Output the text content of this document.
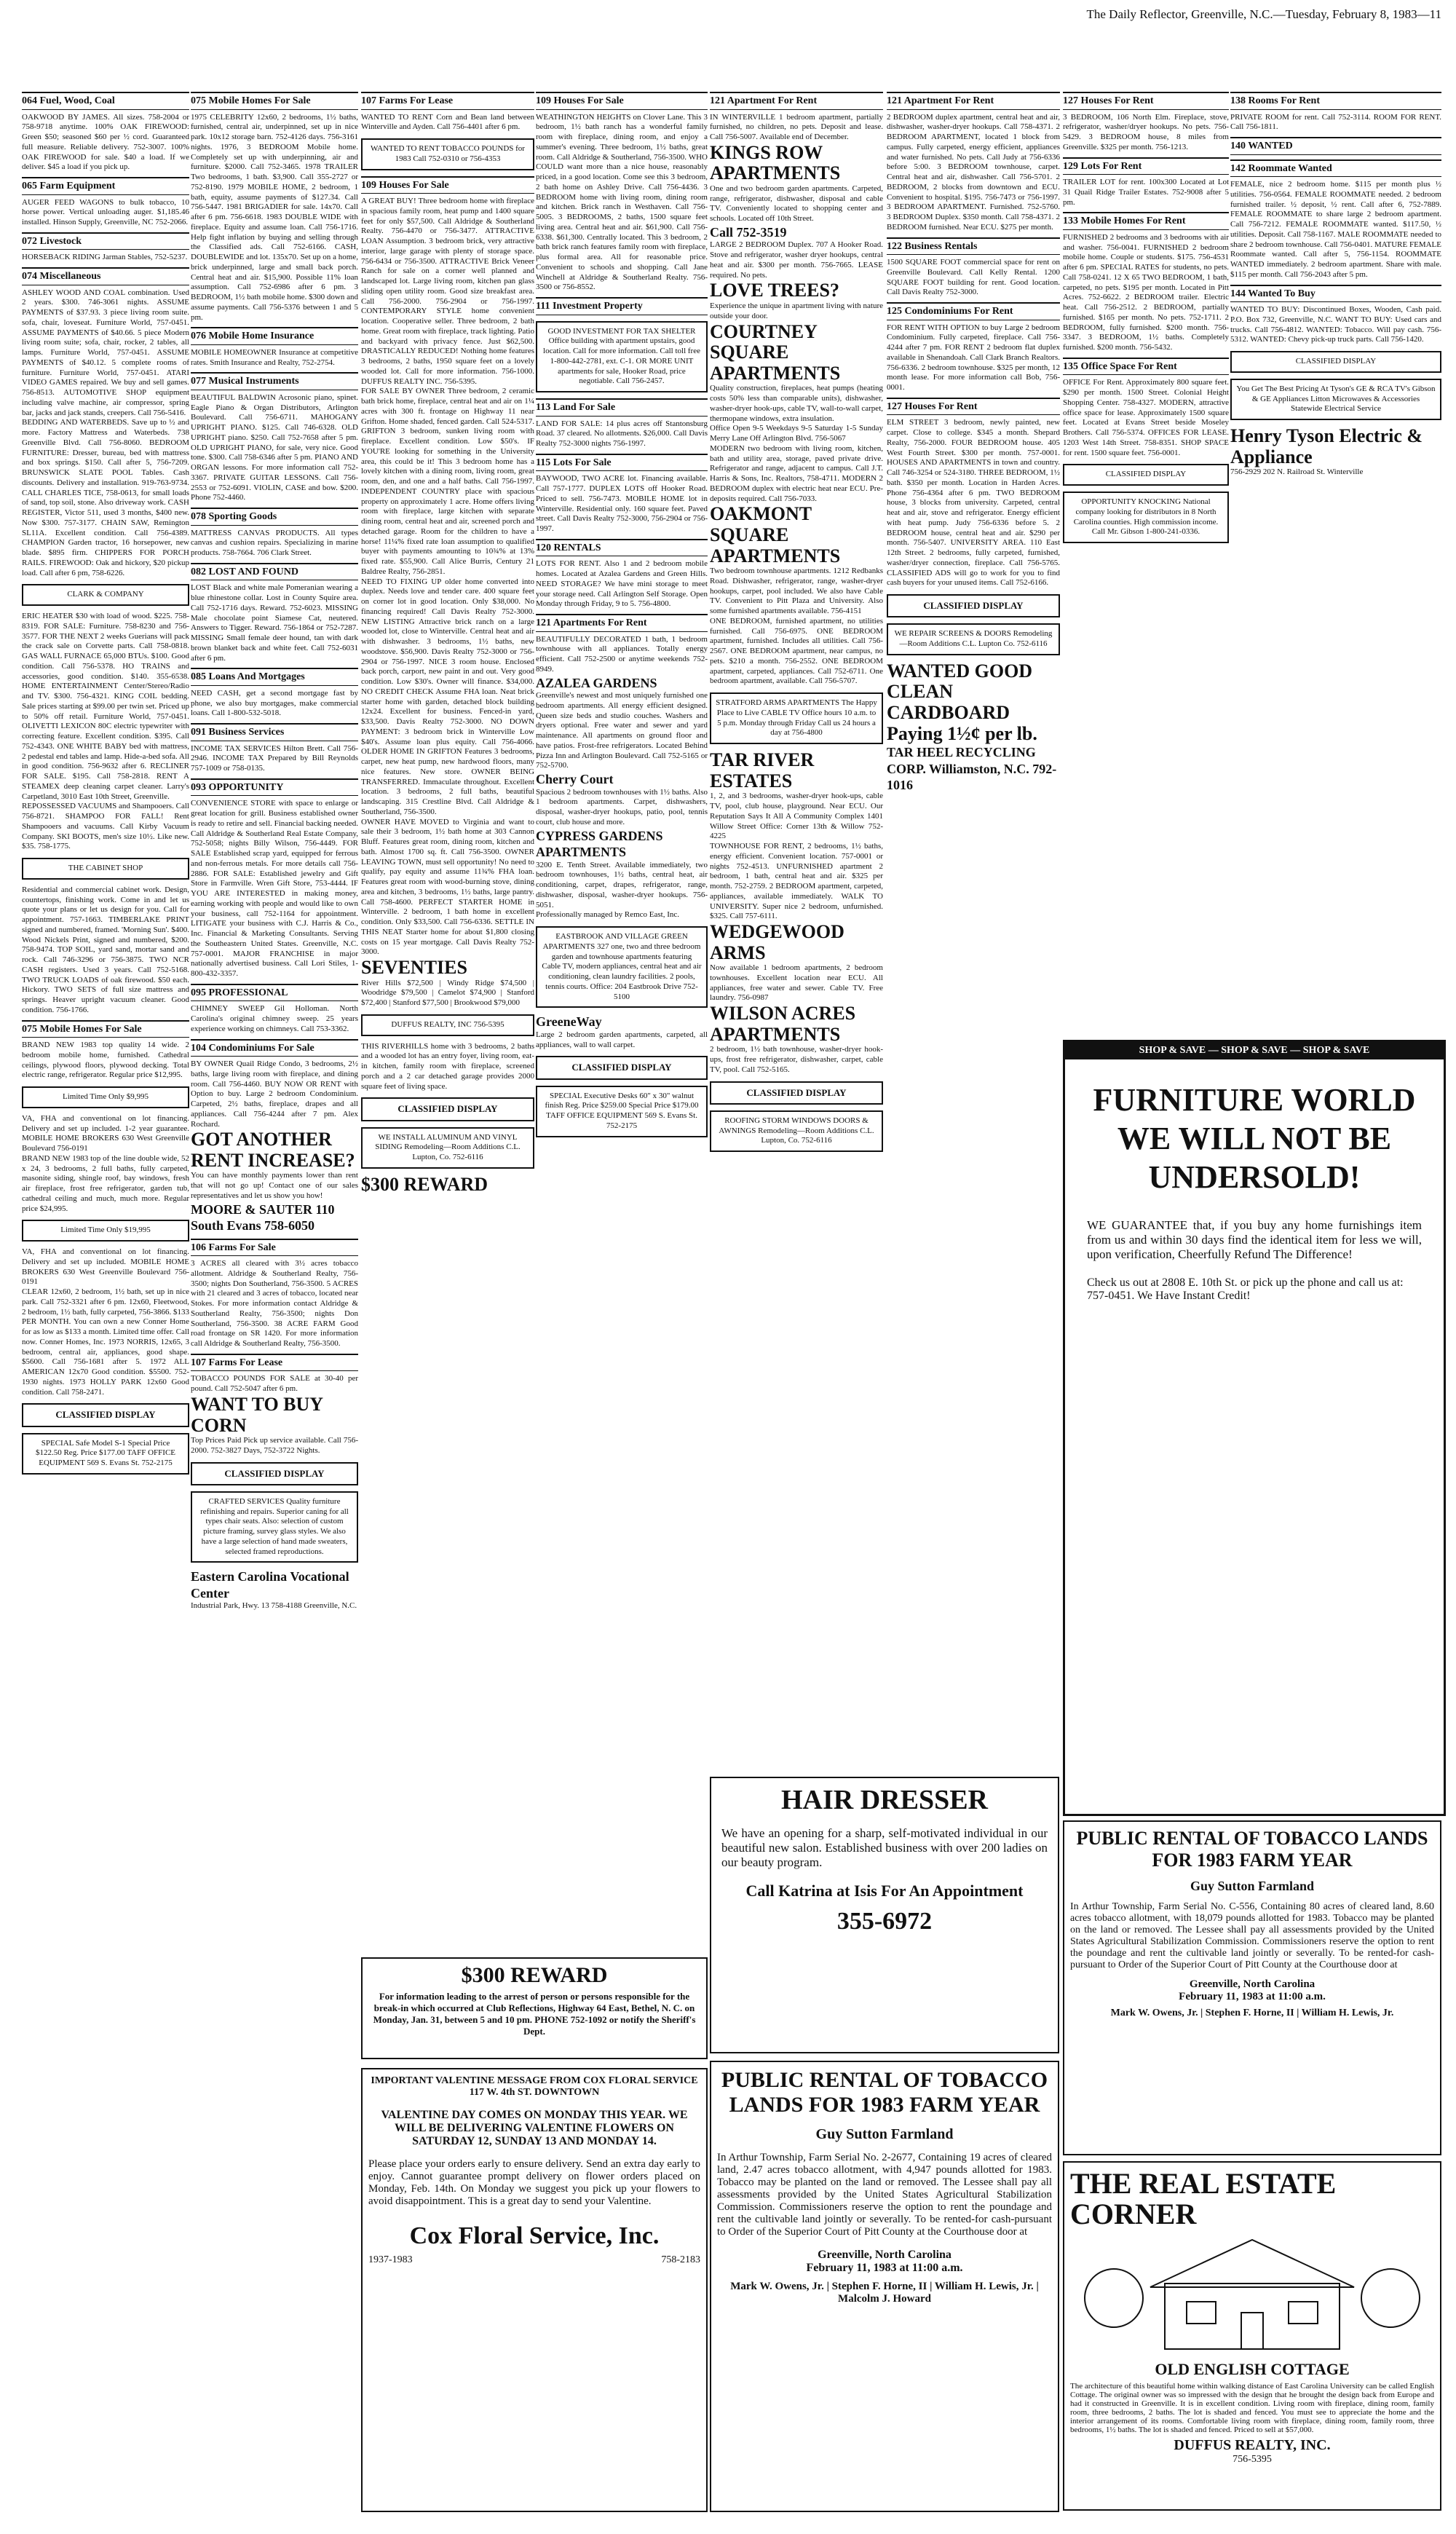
The Daily Reflector, Greenville, N.C.—Tuesday, February 8, 1983—11
064 Fuel, Wood, Coal
OAKWOOD BY JAMES. All sizes. 758-2004 or 758-9718 anytime. 100% OAK FIREWOOD: Green $50; seasoned $60 per ½ cord. Guaranteed full measure. Reliable delivery. 752-3007. 100% OAK FIREWOOD for sale. $40 a load. If we deliver. $45 a load if you pick up.
065 Farm Equipment
AUGER FEED WAGONS to bulk tobacco, 10 horse power. Vertical unloading auger. $1,185.46 installed. Hinson Supply, Greenville, NC 752-2066.
072 Livestock
HORSEBACK RIDING Jarman Stables, 752-5237.
074 Miscellaneous
ASHLEY WOOD AND COAL combination. Used 2 years. $300. 746-3061 nights. ASSUME PAYMENTS of $37.93. 3 piece living room suite. sofa, chair, loveseat. Furniture World, 757-0451. ASSUME PAYMENTS of $40.66. 5 piece Modern living room suite; sofa, chair, rocker, 2 tables, all lamps. Furniture World, 757-0451. ASSUME PAYMENTS of $40.12. 5 complete rooms of furniture. Furniture World, 757-0451. ATARI VIDEO GAMES repaired. We buy and sell games. 756-8513. AUTOMOTIVE SHOP equipment including valve machine, air compressor, spring bar, jacks and jack stands, creepers. Call 756-5416.
BEDDING AND WATERBEDS. Save up to ½ and more. Factory Mattress and Waterbeds. 738 Greenville Blvd. Call 756-8060. BEDROOM FURNITURE: Dresser, bureau, bed with mattress and box springs. $150. Call after 5, 756-7209. BRUNSWICK SLATE POOL Tables. Cash discounts. Delivery and installation. 919-763-9734. CALL CHARLES TICE, 758-0613, for small loads of sand, top soil, stone. Also driveway work. CASH REGISTER, Victor 511, used 3 months, $400 new. Now $300. 757-3177. CHAIN SAW, Remington SL11A. Excellent condition. Call 756-4389. CHAMPION Garden tractor, 16 horsepower, new blade. $895 firm. CHIPPERS FOR PORCH RAILS. FIREWOOD: Oak and hickory, $20 pickup load. Call after 6 pm, 758-6226.
CLARK & COMPANY
ERIC HEATER $30 with load of wood. $225. 758-8319. FOR SALE: Furniture. 758-8230 and 756-3577. FOR THE NEXT 2 weeks Guerians will pack the crack sale on Corvette parts. Call 758-0818. GAS WALL FURNACE 65,000 BTUs. $100. Good condition. Call 756-5378. HO TRAINS and accessories, good condition. $140. 355-6538. HOME ENTERTAINMENT Center/Stereo/Radio and TV. $300. 756-4321. KING COIL bedding. Sale prices starting at $99.00 per twin set. Priced up to 50% off retail. Furniture World, 757-0451. OLIVETTI LEXICON 80C electric typewriter with correcting feature. Excellent condition. $395. Call 752-4343. ONE WHITE BABY bed with mattress, 2 pedestal end tables and lamp. Hide-a-bed sofa. All in good condition. 756-9632 after 6. RECLINER FOR SALE. $195. Call 758-2818. RENT A STEAMEX deep cleaning carpet cleaner. Larry's Carpetland, 3010 East 10th Street, Greenville.
REPOSSESSED VACUUMS and Shampooers. Call 756-8721. SHAMPOO FOR FALL! Rent Shampooers and vacuums. Call Kirby Vacuum Company. SKI BOOTS, men's size 10½. Like new. $35. 758-1775.
THE CABINET SHOP
Residential and commercial cabinet work. Design, countertops, finishing work. Come in and let us quote your plans or let us design for you. Call for appointment. 757-1663. TIMBERLAKE PRINT signed and numbered, framed. 'Morning Sun'. $400. Wood Nickels Print, signed and numbered, $200. 758-9474. TOP SOIL, yard sand, mortar sand and rock. Call 746-3296 or 756-3875. TWO NCR CASH registers. Used 3 years. Call 752-5168. TWO TRUCK LOADS of oak firewood. $50 each. Hickory. TWO SETS of full size mattress and springs. Heaver upright vacuum cleaner. Good condition. 756-1766.
075 Mobile Homes For Sale
BRAND NEW 1983 top quality 14 wide. 2 bedroom mobile home, furnished. Cathedral ceilings, plywood floors, plywood decking. Total electric range, refrigerator. Regular price $12,995.
Limited Time Only $9,995
VA, FHA and conventional on lot financing. Delivery and set up included. 1-2 year guarantee. MOBILE HOME BROKERS 630 West Greenville Boulevard 756-0191
BRAND NEW 1983 top of the line double wide, 52 x 24, 3 bedrooms, 2 full baths, fully carpeted, masonite siding, shingle roof, bay windows, fresh air fireplace, frost free refrigerator, garden tub, cathedral ceiling and much, much more. Regular price $24,995.
Limited Time Only $19,995
VA, FHA and conventional on lot financing. Delivery and set up included. MOBILE HOME BROKERS 630 West Greenville Boulevard 756-0191
CLEAR 12x60, 2 bedroom, 1½ bath, set up in nice park. Call 752-3321 after 6 pm. 12x60, Fleetwood, 2 bedroom, 1½ bath, fully carpeted, 756-3866. $133 PER MONTH. You can own a new Conner Home for as low as $133 a month. Limited time offer. Call now. Conner Homes, Inc. 1973 NORRIS, 12x65, 3 bedroom, central air, appliances, good shape. $5600. Call 756-1681 after 5. 1972 ALL AMERICAN 12x70 Good condition. $5500. 752-1930 nights. 1973 HOLLY PARK 12x60 Good condition. Call 758-2471.
CLASSIFIED DISPLAY
SPECIAL Safe Model S-1 Special Price $122.50 Reg. Price $177.00 TAFF OFFICE EQUIPMENT 569 S. Evans St. 752-2175
075 Mobile Homes For Sale
1975 CELEBRITY 12x60, 2 bedrooms, 1½ baths, furnished, central air, underpinned, set up in nice park. 10x12 storage barn. 752-4126 days. 756-3161 nights. 1976, 3 BEDROOM Mobile home. Completely set up with underpinning, air and furniture. $2000. Call 752-3465. 1978 TRAILER Two bedrooms, 1 bath. $3,900. Call 355-2727 or 752-8190. 1979 MOBILE HOME, 2 bedroom, 1 bath, equity, assume payments of $127.34. Call 756-5447. 1981 BRIGADIER for sale. 14x70. Call after 6 pm. 756-6618. 1983 DOUBLE WIDE with fireplace. Equity and assume loan. Call 756-1716. Help fight inflation by buying and selling through the Classified ads. Call 752-6166. CASH, DOUBLEWIDE and lot. 135x70. Set up on a home, brick underpinned, large and small back porch. Central heat and air. $15,900. Possible 11% loan assumption. Call 752-6986 after 6 pm. 3 BEDROOM, 1½ bath mobile home. $300 down and assume payments. Call 756-5376 between 1 and 5 pm.
076 Mobile Home Insurance
MOBILE HOMEOWNER Insurance at competitive rates. Smith Insurance and Realty, 752-2754.
077 Musical Instruments
BEAUTIFUL BALDWIN Acrosonic piano, spinet. Eagle Piano & Organ Distributors, Arlington Boulevard. Call 756-6711. MAHOGANY UPRIGHT PIANO. $125. Call 746-6328. OLD UPRIGHT piano. $250. Call 752-7658 after 5 pm. OLD UPRIGHT PIANO, for sale, very nice. Good tone. $300. Call 758-6346 after 5 pm. PIANO AND ORGAN lessons. For more information call 752-3367. PRIVATE GUITAR LESSONS. Call 756-2553 or 752-6091. VIOLIN, CASE and bow. $200. Phone 752-4460.
078 Sporting Goods
MATTRESS CANVAS PRODUCTS. All types canvas and cushion repairs. Specializing in marine products. 758-7664. 706 Clark Street.
082 LOST AND FOUND
LOST Black and white male Pomeranian wearing a blue rhinestone collar. Lost in County Squire area. Call 752-1716 days. Reward. 752-6023. MISSING Male chocolate point Siamese Cat, neutered. Answers to Tigger. Reward. 756-1864 or 752-7287. MISSING Small female deer hound, tan with dark brown blanket back and white feet. Call 752-6031 after 6 pm.
085 Loans And Mortgages
NEED CASH, get a second mortgage fast by phone, we also buy mortgages, make commercial loans. Call 1-800-532-5018.
091 Business Services
INCOME TAX SERVICES Hilton Brett. Call 756-2946. INCOME TAX Prepared by Bill Reynolds 757-1009 or 758-0135.
093 OPPORTUNITY
CONVENIENCE STORE with space to enlarge or great location for grill. Business established owner is ready to retire and sell. Financial backing needed. Call Aldridge & Southerland Real Estate Company, 752-5058; nights Billy Wilson, 756-4449. FOR SALE Established scrap yard, equipped for ferrous and non-ferrous metals. For more details call 756-2886. FOR SALE: Established jewelry and Gift Store in Farmville. Wren Gift Store, 753-4444. IF YOU ARE INTERESTED in making money, earning working with people and would like to own your business, call 752-1164 for appointment. LITIGATE your business with C.J. Harris & Co., Inc. Financial & Marketing Consultants. Serving the Southeastern United States. Greenville, N.C. 757-0001. MAJOR FRANCHISE in major nationally advertised business. Call Lori Stiles, 1-800-432-3357.
095 PROFESSIONAL
CHIMNEY SWEEP Gil Holloman. North Carolina's original chimney sweep. 25 years experience working on chimneys. Call 753-3362.
104 Condominiums For Sale
BY OWNER Quail Ridge Condo, 3 bedrooms, 2½ baths, large living room with fireplace, and dining room. Call 756-4460. BUY NOW OR RENT with Option to buy. Large 2 bedroom Condominium. Carpeted, 2½ baths, fireplace, drapes and all appliances. Call 756-4244 after 7 pm. Alex Rochard.
GOT ANOTHER RENT INCREASE?
You can have monthly payments lower than rent that will not go up! Contact one of our sales representatives and let us show you how!
MOORE & SAUTER 110 South Evans 758-6050
106 Farms For Sale
3 ACRES all cleared with 3½ acres tobacco allotment. Aldridge & Southerland Realty, 756-3500; nights Don Southerland, 756-3500. 5 ACRES with 21 cleared and 3 acres of tobacco, located near Stokes. For more information contact Aldridge & Southerland Realty, 756-3500; nights Don Southerland, 756-3500. 38 ACRE FARM Good road frontage on SR 1420. For more information call Aldridge & Southerland Realty, 756-3500.
107 Farms For Lease
TOBACCO POUNDS FOR SALE at 30-40 per pound. Call 752-5047 after 6 pm.
WANT TO BUY CORN
Top Prices Paid Pick up service available. Call 756-2000. 752-3827 Days, 752-3722 Nights.
CLASSIFIED DISPLAY
CRAFTED SERVICES Quality furniture refinishing and repairs. Superior caning for all types chair seats. Also: selection of custom picture framing, survey glass styles. We also have a large selection of hand made sweaters, selected framed reproductions.
Eastern Carolina Vocational Center
Industrial Park, Hwy. 13 758-4188 Greenville, N.C.
107 Farms For Lease
WANTED TO RENT Corn and Bean land between Winterville and Ayden. Call 756-4401 after 6 pm.
WANTED TO RENT TOBACCO POUNDS for 1983 Call 752-0310 or 756-4353
109 Houses For Sale
A GREAT BUY! Three bedroom home with fireplace in spacious family room, heat pump and 1400 square feet for only $57,500. Call Aldridge & Southerland Realty. 756-4470 or 756-3477. ATTRACTIVE LOAN Assumption. 3 bedroom brick, very attractive interior, large garage with plenty of storage space. 756-6434 or 756-3500. ATTRACTIVE Brick Veneer Ranch for sale on a corner well planned and landscaped lot. Large living room, kitchen pan glass sliding open utility room. Good size breakfast area. Call 756-2000. 756-2904 or 756-1997. CONTEMPORARY STYLE home convenient location. Cooperative seller. Three bedroom, 2 bath home. Great room with fireplace, track lighting. Patio and backyard with privacy fence. Just $62,500. DRASTICALLY REDUCED! Nothing home features 3 bedrooms, 2 baths, 1950 square feet on a lovely wooded lot. Call for more information. 756-1000. DUFFUS REALTY INC. 756-5395.
FOR SALE BY OWNER Three bedroom, 2 ceramic bath brick home, fireplace, central heat and air on 1¼ acres with 300 ft. frontage on Highway 11 near Grifton. Home shaded, fenced garden. Call 524-5317. GRIFTON 3 bedroom, sunken living room with fireplace. Excellent condition. Low $50's. IF YOU'RE looking for something in the University area, this could be it! This 3 bedroom home has a lovely kitchen with a dining room, living room, great room, den, and one and a half baths. Call 756-1997. INDEPENDENT COUNTRY place with spacious property on approximately 1 acre. Home offers living room with fireplace, large kitchen with separate dining room, central heat and air, screened porch and detached garage. Room for the children to have a horse! 11¼% fixed rate loan assumption to qualified buyer with payments amounting to 10¾% at 13% fixed rate. $55,900. Call Alice Burris, Century 21 Baldree Realty, 756-2851.
NEED TO FIXING UP older home converted into duplex. Needs love and tender care. 400 square feet on corner lot in good location. Only $38,000. No financing required! Call Davis Realty 752-3000. NEW LISTING Attractive brick ranch on a large wooded lot, close to Winterville. Central heat and air with dishwasher. 3 bedrooms, 1½ baths, new woodstove. $56,900. Davis Realty 752-3000 or 756-2904 or 756-1997. NICE 3 room house. Enclosed back porch, carport, new paint in and out. Very good condition. Low $30's. Owner will finance. $34,000. NO CREDIT CHECK Assume FHA loan. Neat brick starter home with garden, detached block building 12x24. Excellent for business. Fenced-in yard, $33,500. Davis Realty 752-3000. NO DOWN PAYMENT: 3 bedroom brick in Winterville Low $40's. Assume loan plus equity. Call 756-4066. OLDER HOME IN GRIFTON Features 3 bedrooms, carpet, new heat pump, new hardwood floors, many nice features. New store. OWNER BEING TRANSFERRED. Immaculate throughout. Excellent location. 3 bedrooms, 2 full baths, beautiful landscaping. 315 Crestline Blvd. Call Aldridge & Southerland, 756-3500.
OWNER HAVE MOVED to Virginia and want to sale their 3 bedroom, 1½ bath home at 303 Cannon Bluff. Features great room, dining room, kitchen and bath. Almost 1700 sq. ft. Call 756-3500. OWNER LEAVING TOWN, must sell opportunity! No need to qualify, pay equity and assume 11¾% FHA loan. Features great room with wood-burning stove, dining area and kitchen, 3 bedrooms, 1½ baths, large pantry. Call 758-4600. PERFECT STARTER HOME in Winterville. 2 bedroom, 1 bath home in excellent condition. Only $33,500. Call 756-6336. SETTLE IN THIS NEAT Starter home for about $1,800 closing costs on 15 year mortgage. Call Davis Realty 752-3000.
SEVENTIES
River Hills $72,500 | Windy Ridge $74,500 | Woodridge $79,500 | Camelot $74,900 | Stanford $72,400 | Stanford $77,500 | Brookwood $79,000
DUFFUS REALTY, INC 756-5395
THIS RIVERHILLS home with 3 bedrooms, 2 baths and a wooded lot has an entry foyer, living room, eat-in kitchen, family room with fireplace, screened porch and a 2 car detached garage provides 2000 square feet of living space.
CLASSIFIED DISPLAY
WE INSTALL ALUMINUM AND VINYL SIDING Remodeling—Room Additions C.L. Lupton, Co. 752-6116
$300 REWARD
109 Houses For Sale
WEATHINGTON HEIGHTS on Clover Lane. This 3 bedroom, 1½ bath ranch has a wonderful family room with fireplace, dining room, and enjoy a summer's evening. Three bedroom, 1½ baths, great room. Call Aldridge & Southerland, 756-3500. WHO COULD want more than a nice house, reasonably priced, in a good location. Come see this 3 bedroom, 2 bath home on Ashley Drive. Call 756-4436. 3 BEDROOM home with living room, dining room and kitchen. Brick ranch in Westhaven. Call 756-5005. 3 BEDROOMS, 2 baths, 1500 square feet living area. Central heat and air. $61,900. Call 756-6338. $61,300. Centrally located. This 3 bedroom, 2 bath brick ranch features family room with fireplace, plus formal area. All for reasonable price. Convenient to schools and shopping. Call Jane Winchell at Aldridge & Southerland Realty. 756-3500 or 756-8552.
111 Investment Property
GOOD INVESTMENT FOR TAX SHELTER Office building with apartment upstairs, good location. Call for more information. Call toll free 1-800-442-2781, ext. C-1. OR MORE UNIT apartments for sale, Hooker Road, price negotiable. Call 756-2457.
113 Land For Sale
LAND FOR SALE: 14 plus acres off Stantonsburg Road. 37 cleared. No allotments. $26,000. Call Davis Realty 752-3000 nights 756-1997.
115 Lots For Sale
BAYWOOD, TWO ACRE lot. Financing available. Call 757-1777. DUPLEX LOTS off Hooker Road. Priced to sell. 756-7473. MOBILE HOME lot in Winterville. Residential only. 160 square feet. Paved street. Call Davis Realty 752-3000, 756-2904 or 756-1997.
120 RENTALS
LOTS FOR RENT. Also 1 and 2 bedroom mobile homes. Located at Azalea Gardens and Green Hills. NEED STORAGE? We have mini storage to meet your storage need. Call Arlington Self Storage. Open Monday through Friday, 9 to 5. 756-4800.
121 Apartments For Rent
BEAUTIFULLY DECORATED 1 bath, 1 bedroom townhouse with all appliances. Totally energy efficient. Call 752-2500 or anytime weekends 752-8949.
AZALEA GARDENS
Greenville's newest and most uniquely furnished one bedroom apartments. All energy efficient designed. Queen size beds and studio couches. Washers and dryers optional. Free water and sewer and yard maintenance. All apartments on ground floor and have patios. Frost-free refrigerators. Located Behind Pizza Inn and Arlington Boulevard. Call 752-5165 or 752-5700.
Cherry Court
Spacious 2 bedroom townhouses with 1½ baths. Also 1 bedroom apartments. Carpet, dishwashers, disposal, washer-dryer hookups, patio, pool, tennis court, club house and more.
CYPRESS GARDENS APARTMENTS
3200 E. Tenth Street. Available immediately, two bedroom townhouses, 1½ baths, central heat, air conditioning, carpet, drapes, refrigerator, range, dishwasher, disposal, washer-dryer hookups. 756-5051.
Professionally managed by Remco East, Inc.
EASTBROOK AND VILLAGE GREEN APARTMENTS 327 one, two and three bedroom garden and townhouse apartments featuring Cable TV, modern appliances, central heat and air conditioning, clean laundry facilities. 2 pools, tennis courts. Office: 204 Eastbrook Drive 752-5100
GreeneWay
Large 2 bedroom garden apartments, carpeted, all appliances, wall to wall carpet.
CLASSIFIED DISPLAY
SPECIAL Executive Desks 60" x 30" walnut finish Reg. Price $259.00 Special Price $179.00 TAFF OFFICE EQUIPMENT 569 S. Evans St. 752-2175
121 Apartment For Rent
IN WINTERVILLE 1 bedroom apartment, partially furnished, no children, no pets. Deposit and lease. Call 756-5007. Available end of December.
KINGS ROW APARTMENTS
One and two bedroom garden apartments. Carpeted, range, refrigerator, dishwasher, disposal and cable TV. Conveniently located to shopping center and schools. Located off 10th Street.
Call 752-3519
LARGE 2 BEDROOM Duplex. 707 A Hooker Road. Stove and refrigerator, washer dryer hookups, central heat and air. $300 per month. 756-7665. LEASE required. No pets.
LOVE TREES?
Experience the unique in apartment living with nature outside your door.
COURTNEY SQUARE APARTMENTS
Quality construction, fireplaces, heat pumps (heating costs 50% less than comparable units), dishwasher, washer-dryer hook-ups, cable TV, wall-to-wall carpet, thermopane windows, extra insulation.
Office Open 9-5 Weekdays 9-5 Saturday 1-5 Sunday Merry Lane Off Arlington Blvd. 756-5067
MODERN two bedroom with living room, kitchen, bath and utility area, storage, paved private drive. Refrigerator and range, adjacent to campus. Call J.T. Harris & Sons, Inc. Realtors, 758-4711. MODERN 2 BEDROOM duplex with electric heat near ECU. Pre-deposits required. Call 756-7033.
OAKMONT SQUARE APARTMENTS
Two bedroom townhouse apartments. 1212 Redbanks Road. Dishwasher, refrigerator, range, washer-dryer hookups, carpet, pool included. We also have Cable TV. Convenient to Pitt Plaza and University. Also some furnished apartments available. 756-4151
ONE BEDROOM, furnished apartment, no utilities furnished. Call 756-6975. ONE BEDROOM apartment, furnished. Includes all utilities. Call 756-2567. ONE BEDROOM apartment, near campus, no pets. $210 a month. 756-2552. ONE BEDROOM apartment, carpeted, appliances. Call 752-6711. One bedroom apartment, available. Call 756-5707.
STRATFORD ARMS APARTMENTS The Happy Place to Live CABLE TV Office hours 10 a.m. to 5 p.m. Monday through Friday Call us 24 hours a day at 756-4800
TAR RIVER ESTATES
1, 2, and 3 bedrooms, washer-dryer hook-ups, cable TV, pool, club house, playground. Near ECU. Our Reputation Says It All A Community Complex 1401 Willow Street Office: Corner 13th & Willow 752-4225
TOWNHOUSE FOR RENT, 2 bedrooms, 1½ baths, energy efficient. Convenient location. 757-0001 or nights 752-4513. UNFURNISHED apartment 2 bedroom, 1 bath, central heat and air. $325 per month. 752-2759. 2 BEDROOM apartment, carpeted, appliances, available immediately. WALK TO UNIVERSITY. Super nice 2 bedroom, unfurnished. $325. Call 757-6111.
WEDGEWOOD ARMS
Now available 1 bedroom apartments, 2 bedroom townhouses. Excellent location near ECU. All appliances, free water and sewer. Cable TV. Free laundry. 756-0987
WILSON ACRES APARTMENTS
2 bedroom, 1½ bath townhouse, washer-dryer hook-ups, frost free refrigerator, dishwasher, carpet, cable TV, pool. Call 752-5165.
CLASSIFIED DISPLAY
ROOFING STORM WINDOWS DOORS & AWNINGS Remodeling—Room Additions C.L. Lupton, Co. 752-6116
121 Apartment For Rent
2 BEDROOM duplex apartment, central heat and air, dishwasher, washer-dryer hookups. Call 758-4371. 2 BEDROOM APARTMENT, located 1 block from campus. Fully carpeted, energy efficient, appliances and water furnished. No pets. Call Judy at 756-6336 before 5:00. 3 BEDROOM townhouse, carpet. Central heat and air, dishwasher. Call 756-5701. 2 BEDROOM, 2 blocks from downtown and ECU. Convenient to hospital. $195. 756-7473 or 756-1997. 3 BEDROOM APARTMENT. Furnished. 752-5760. 3 BEDROOM Duplex. $350 month. Call 758-4371. 2 BEDROOM furnished. Near ECU. $275 per month.
122 Business Rentals
1500 SQUARE FOOT commercial space for rent on Greenville Boulevard. Call Kelly Rental. 1200 SQUARE FOOT building for rent. Good location. Call Davis Realty 752-3000.
125 Condominiums For Rent
FOR RENT WITH OPTION to buy Large 2 bedroom Condominium. Fully carpeted, fireplace. Call 756-4244 after 7 pm. FOR RENT 2 bedroom flat duplex available in Shenandoah. Call Clark Branch Realtors. 756-6336. 2 bedroom townhouse. $325 per month, 12 month lease. For more information call Bob, 756-0001.
127 Houses For Rent
ELM STREET 3 bedroom, newly painted, new carpet. Close to college. $345 a month. Shepard Realty, 756-2000. FOUR BEDROOM house. 405 West Fourth Street. $300 per month. 757-0001. HOUSES AND APARTMENTS in town and country. Call 746-3254 or 524-3180. THREE BEDROOM, 1½ bath. $350 per month. Location in Harden Acres. Phone 756-4364 after 6 pm. TWO BEDROOM house, 3 blocks from university. Carpeted, central heat and air, stove and refrigerator. Energy efficient with heat pump. Judy 756-6336 before 5. 2 BEDROOM house, central heat and air. $290 per month. 756-5407. UNIVERSITY AREA. 110 East 12th Street. 2 bedrooms, fully carpeted, furnished, washer/dryer connection, fireplace. Call 756-5765. CLASSIFIED ADS will go to work for you to find cash buyers for your unused items. Call 752-6166.
CLASSIFIED DISPLAY
WE REPAIR SCREENS & DOORS Remodeling—Room Additions C.L. Lupton Co. 752-6116
WANTED GOOD CLEAN CARDBOARD Paying 1½¢ per lb.
TAR HEEL RECYCLING CORP. Williamston, N.C. 792-1016
127 Houses For Rent
3 BEDROOM, 106 North Elm. Fireplace, stove, refrigerator, washer/dryer hookups. No pets. 756-5429. 3 BEDROOM house, 8 miles from Greenville. $325 per month. 756-1213.
129 Lots For Rent
TRAILER LOT for rent. 100x300 Located at Lot 31 Quail Ridge Trailer Estates. 752-9008 after 5 pm.
133 Mobile Homes For Rent
FURNISHED 2 bedrooms and 3 bedrooms with air and washer. 756-0041. FURNISHED 2 bedroom mobile home. Couple or students. $175. 756-4531 after 6 pm. SPECIAL RATES for students, no pets. Call 758-0241. 12 X 65 TWO BEDROOM, 1 bath, carpeted, no pets. $195 per month. Located in Pitt Acres. 752-6622. 2 BEDROOM trailer. Electric heat. Call 756-2512. 2 BEDROOM, partially furnished. $165 per month. No pets. 752-1711. 2 BEDROOM, fully furnished. $200 month. 756-3347. 3 BEDROOM, 1½ baths. Completely furnished. $200 month. 756-5432.
135 Office Space For Rent
OFFICE For Rent. Approximately 800 square feet. $290 per month. 1500 Street. Colonial Height Shopping Center. 758-4327. MODERN, attractive office space for lease. Approximately 1500 square feet. Located at Evans Street beside Moseley Brothers. Call 756-5374. OFFICES FOR LEASE. 1203 West 14th Street. 758-8351. SHOP SPACE for rent. 1500 square feet. 756-0001.
CLASSIFIED DISPLAY
OPPORTUNITY KNOCKING National company looking for distributors in 8 North Carolina counties. High commission income. Call Mr. Gibson 1-800-241-0336.
138 Rooms For Rent
PRIVATE ROOM for rent. Call 752-3114. ROOM FOR RENT. Call 756-1811.
140 WANTED
142 Roommate Wanted
FEMALE, nice 2 bedroom home. $115 per month plus ½ utilities. 756-0564. FEMALE ROOMMATE needed. 2 bedroom furnished trailer. ½ deposit, ½ rent. Call after 6, 752-7889. FEMALE ROOMMATE to share large 2 bedroom apartment. Call 756-7212. FEMALE ROOMMATE wanted. $117.50, ½ utilities. Deposit. Call 758-1167. MALE ROOMMATE needed to share 2 bedroom townhouse. Call 756-0401. MATURE FEMALE Roommate wanted. Call after 5, 756-1154. ROOMMATE WANTED immediately. 2 bedroom apartment. Share with male. $115 per month. Call 756-2043 after 5 pm.
144 Wanted To Buy
WANTED TO BUY: Discontinued Boxes, Wooden, Cash paid. P.O. Box 732, Greenville, N.C. WANT TO BUY: Used cars and trucks. Call 756-4812. WANTED: Tobacco. Will pay cash. 756-5312. WANTED: Chevy pick-up truck parts. Call 756-1420.
CLASSIFIED DISPLAY
You Get The Best Pricing At Tyson's GE & RCA TV's Gibson & GE Appliances Litton Microwaves & Accessories Statewide Electrical Service
Henry Tyson Electric & Appliance
756-2929 202 N. Railroad St. Winterville
SHOP & SAVE — SHOP & SAVE — SHOP & SAVE
FURNITURE WORLD WE WILL NOT BE UNDERSOLD!
WE GUARANTEE that, if you buy any home furnishings item from us and within 30 days find the identical item for less we will, upon verification, Cheerfully Refund The Difference!
Check us out at 2808 E. 10th St. or pick up the phone and call us at: 757-0451. We Have Instant Credit!
PUBLIC RENTAL OF TOBACCO LANDS FOR 1983 FARM YEAR
Guy Sutton Farmland
In Arthur Township, Farm Serial No. C-556, Containing 80 acres of cleared land, 8.60 acres tobacco allotment, with 18,079 pounds allotted for 1983. Tobacco may be planted on the land or removed. The Lessee shall pay all assessments provided by the United States Agricultural Stabilization Commission. Commissioners reserve the option to rent the poundage and rent the cultivable land jointly or severally. To be rented-for cash-pursuant to Order of the Superior Court of Pitt County at the Courthouse door at
Greenville, North Carolina
February 11, 1983 at 11:00 a.m.
Mark W. Owens, Jr. | Stephen F. Horne, II | William H. Lewis, Jr.
THE REAL ESTATE CORNER
OLD ENGLISH COTTAGE
The architecture of this beautiful home within walking distance of East Carolina University can be called English Cottage. The original owner was so impressed with the design that he brought the design back from Europe and had it constructed in Greenville. It is in excellent condition. Living room with fireplace, dining room, family room, three bedrooms, 2 baths. The lot is shaded and fenced. You must see to appreciate the home and the interior arrangement of its rooms. Comfortable living room with fireplace, dining room, family room, three bedrooms, 1½ baths. The lot is shaded and fenced. Priced to sell at $57,000.
DUFFUS REALTY, INC.
756-5395
$300 REWARD
For information leading to the arrest of person or persons responsible for the break-in which occurred at Club Reflections, Highway 64 East, Bethel, N. C. on Monday, Jan. 31, between 5 and 10 pm. PHONE 752-1092 or notify the Sheriff's Dept.
IMPORTANT VALENTINE MESSAGE FROM COX FLORAL SERVICE 117 W. 4th ST. DOWNTOWN
VALENTINE DAY COMES ON MONDAY THIS YEAR. WE WILL BE DELIVERING VALENTINE FLOWERS ON SATURDAY 12, SUNDAY 13 AND MONDAY 14.
Please place your orders early to ensure delivery. Send an extra day early to enjoy. Cannot guarantee prompt delivery on flower orders placed on Monday, Feb. 14th. On Monday we suggest you pick up your flowers to avoid disappointment. This is a great day to send your Valentine.
Cox Floral Service, Inc.
1937-1983	758-2183
HAIR DRESSER
We have an opening for a sharp, self-motivated individual in our beautiful new salon. Established business with over 200 ladies on our beauty program.
Call Katrina at Isis For An Appointment
355-6972
PUBLIC RENTAL OF TOBACCO LANDS FOR 1983 FARM YEAR
Guy Sutton Farmland
In Arthur Township, Farm Serial No. 2-2677, Containing 19 acres of cleared land, 2.47 acres tobacco allotment, with 4,947 pounds allotted for 1983. Tobacco may be planted on the land or removed. The Lessee shall pay all assessments provided by the United States Agricultural Stabilization Commission. Commissioners reserve the option to rent the poundage and rent the cultivable land jointly or severally. To be rented-for cash-pursuant to Order of the Superior Court of Pitt County at the Courthouse door at
Greenville, North Carolina
February 11, 1983 at 11:00 a.m.
Mark W. Owens, Jr. | Stephen F. Horne, II | William H. Lewis, Jr. | Malcolm J. Howard
